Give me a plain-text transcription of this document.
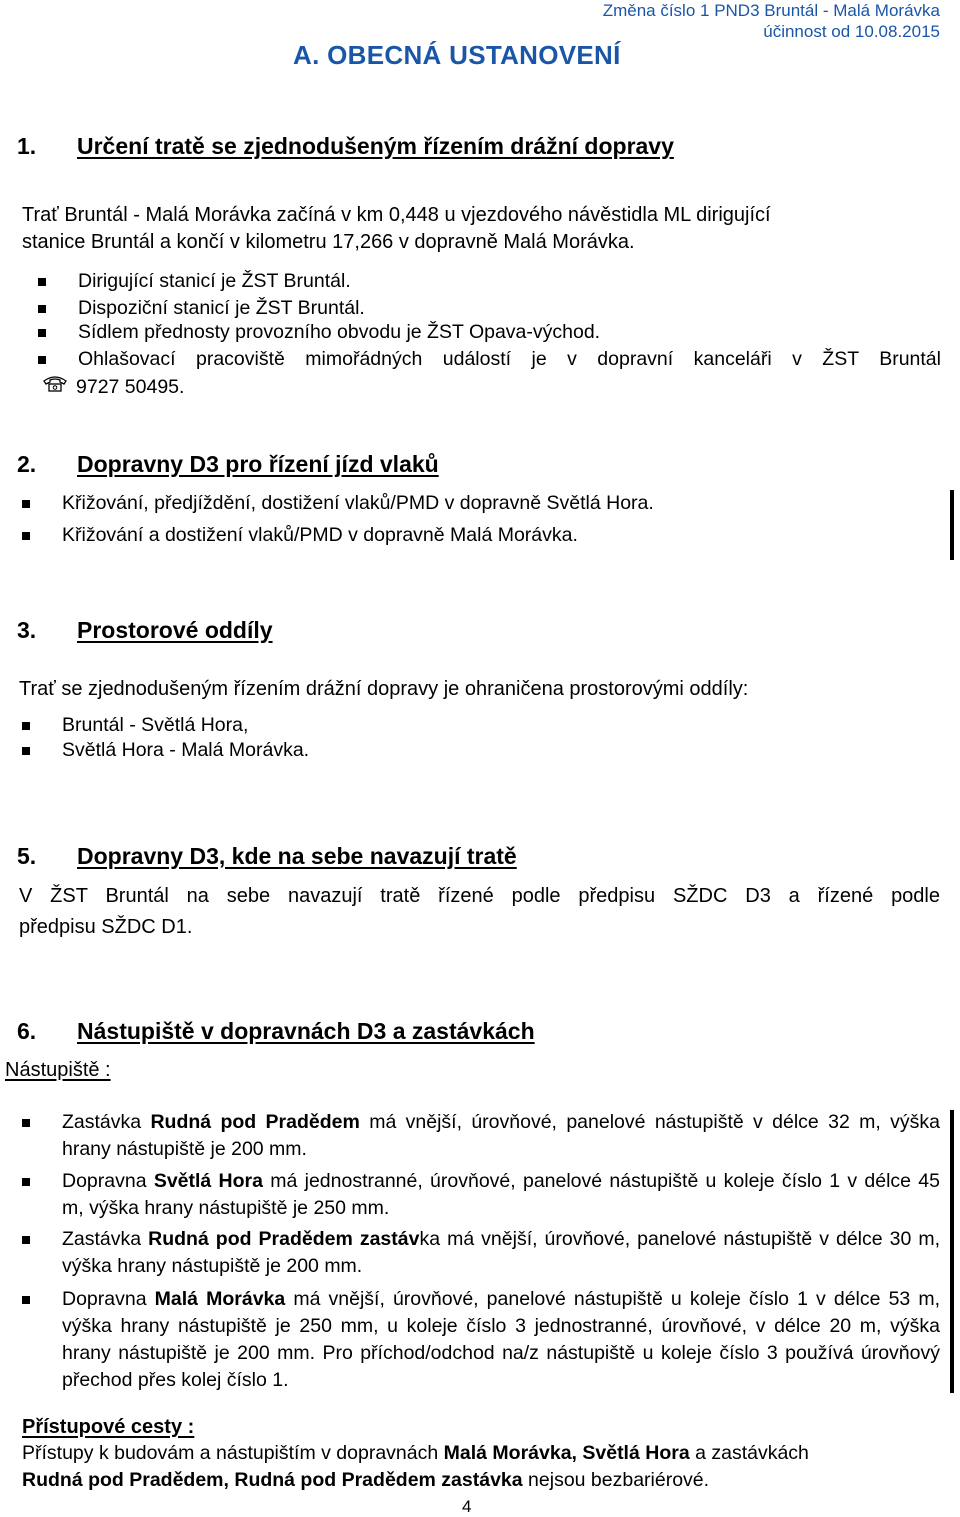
Změna číslo 1 PND3 Bruntál - Malá Morávka
účinnost od 10.08.2015
A. OBECNÁ USTANOVENÍ
1. Určení tratě se zjednodušeným řízením drážní dopravy
Trať Bruntál - Malá Morávka začíná v km 0,448 u vjezdového návěstidla ML dirigující
stanice Bruntál a končí v kilometru 17,266 v dopravně Malá Morávka.
Dirigující stanicí je ŽST Bruntál.
Dispoziční stanicí je ŽST Bruntál.
Sídlem přednosty provozního obvodu je ŽST Opava-východ.
Ohlašovací pracoviště mimořádných událostí je v dopravní kanceláři v ŽST Bruntál
9727 50495.
2. Dopravny D3 pro řízení jízd vlaků
Křižování, předjíždění, dostižení vlaků/PMD v dopravně Světlá Hora.
Křižování a dostižení vlaků/PMD v dopravně Malá Morávka.
3. Prostorové oddíly
Trať se zjednodušeným řízením drážní dopravy je ohraničena prostorovými oddíly:
Bruntál - Světlá Hora,
Světlá Hora - Malá Morávka.
5. Dopravny D3, kde na sebe navazují tratě
V ŽST Bruntál na sebe navazují tratě řízené podle předpisu SŽDC D3 a řízené podle
předpisu SŽDC D1.
6. Nástupiště v dopravnách D3 a zastávkách
Nástupiště :
Zastávka Rudná pod Pradědem má vnější, úrovňové, panelové nástupiště v délce 32 m, výška hrany nástupiště je 200 mm.
Dopravna Světlá Hora má jednostranné, úrovňové, panelové nástupiště u koleje číslo 1 v délce 45 m, výška hrany nástupiště je 250 mm.
Zastávka Rudná pod Pradědem zastávka má vnější, úrovňové, panelové nástupiště v délce 30 m, výška hrany nástupiště je 200 mm.
Dopravna Malá Morávka má vnější, úrovňové, panelové nástupiště u koleje číslo 1 v délce 53 m, výška hrany nástupiště je 250 mm, u koleje číslo 3 jednostranné, úrovňové, v délce 20 m, výška hrany nástupiště je 200 mm. Pro příchod/odchod na/z nástupiště u koleje číslo 3 používá úrovňový přechod přes kolej číslo 1.
Přístupové cesty :
Přístupy k budovám a nástupištím v dopravnách Malá Morávka, Světlá Hora a zastávkách
Rudná pod Pradědem, Rudná pod Pradědem zastávka nejsou bezbariérové.
4
